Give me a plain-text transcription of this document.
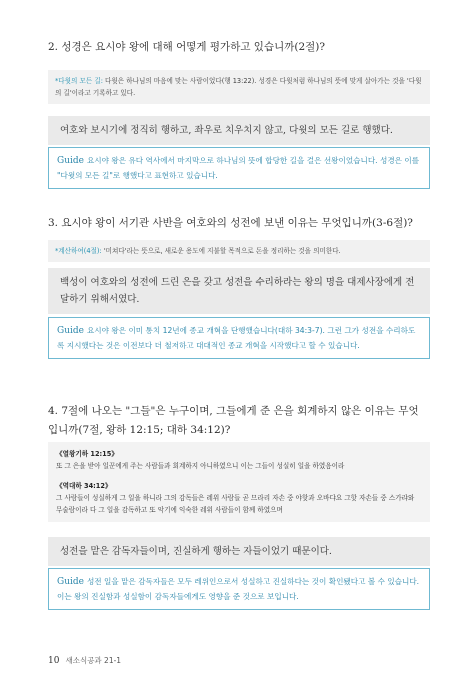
2. 성경은 요시야 왕에 대해 어떻게 평가하고 있습니까(2절)?
*다윗의 모든 길: 다윗은 하나님의 마음에 맞는 사람이었다(행 13:22). 성경은 다윗처럼 하나님의 뜻에 맞게 살아가는 것을 '다윗의 길'이라고 기록하고 있다.
여호와 보시기에 정직히 행하고, 좌우로 치우치지 않고, 다윗의 모든 길로 행했다.
Guide 요시야 왕은 유다 역사에서 마지막으로 하나님의 뜻에 합당한 길을 걸은 선왕이었습니다. 성경은 이를 "다윗의 모든 길"로 행했다고 표현하고 있습니다.
3. 요시야 왕이 서기관 사반을 여호와의 성전에 보낸 이유는 무엇입니까(3-6절)?
*계산하여(4절): '미쳐다'라는 뜻으로, 새로운 용도에 지불할 목적으로 돈을 정리하는 것을 의미한다.
백성이 여호와의 성전에 드린 은을 갖고 성전을 수리하라는 왕의 명을 대제사장에게 전달하기 위해서였다.
Guide 요시야 왕은 이미 통치 12년에 종교 개혁을 단행했습니다(대하 34:3-7). 그런 그가 성전을 수리하도록 지시했다는 것은 이전보다 더 철저하고 대대적인 종교 개혁을 시작했다고 할 수 있습니다.
4. 7절에 나오는 "그들"은 누구이며, 그들에게 준 은을 회계하지 않은 이유는 무엇입니까(7절, 왕하 12:15; 대하 34:12)?
《열왕기하 12:15》
또 그 은을 받아 일꾼에게 주는 사람들과 회계하지 아니하였으니 이는 그들이 성실히 일을 하였음이라
《역대하 34:12》
그 사람들이 성실하게 그 일을 하니라 그의 감독들은 레위 사람들 곧 므라리 자손 중 야핫과 오바댜요 그핫 자손들 중 스가랴와 무술람이라 다 그 일을 감독하고 또 악기에 익숙한 레위 사람들이 함께 하였으며
성전을 맡은 감독자들이며, 진실하게 행하는 자들이었기 때문이다.
Guide 성전 일을 맡은 감독자들은 모두 레위인으로서 성실하고 진실하다는 것이 확인됐다고 볼 수 있습니다. 이는 왕의 진실함과 성실함이 감독자들에게도 영향을 준 것으로 보입니다.
10 새소식공과 21-1
